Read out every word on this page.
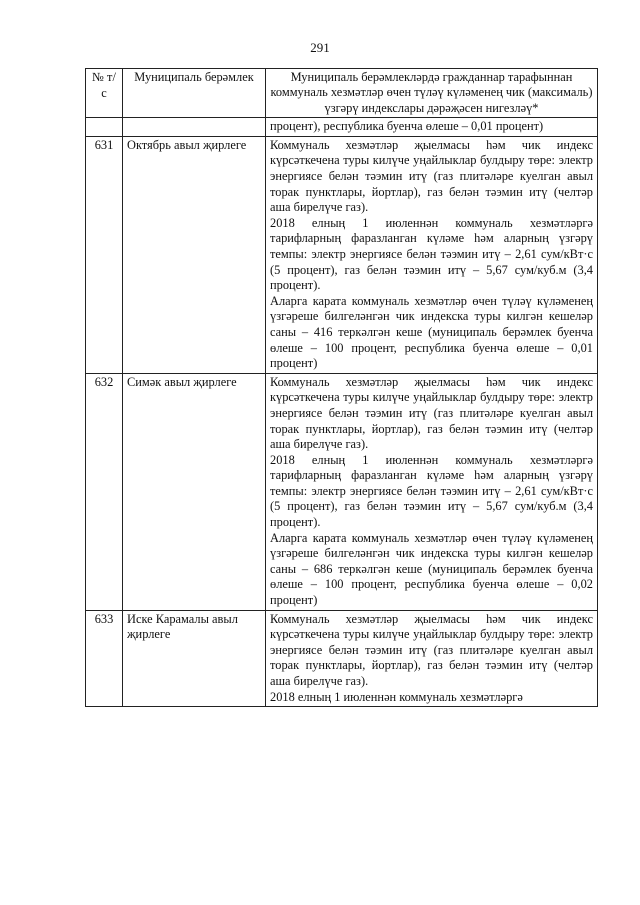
291
№ т/с	Муниципаль берәмлек	Муниципаль берәмлекләрдә гражданнар тарафыннан коммуналь хезмәтләр өчен түләү күләменең чик (максималь) үзгәрү индекслары дәрәҗәсен нигезләү*

		процент), республика буенча өлеше – 0,01 процент)

631	Октябрь авыл җирлеге	Коммуналь хезмәтләр җыелмасы һәм чик индекс күрсәткечена туры килүче уңайлыклар булдыру төре: электр энергиясе белән тәэмин итү (газ плитәләре куелган авыл торак пунктлары, йортлар), газ белән тәэмин итү (челтәр аша бирелүче газ).

2018 елның 1 июленнән коммуналь хезмәтләргә тарифларның фаразланган күләме һәм аларның үзгәрү темпы: электр энергиясе белән тәэмин итү – 2,61 сум/кВт·с (5 процент), газ белән тәэмин итү – 5,67 сум/куб.м (3,4 процент).

Аларга карата коммуналь хезмәтләр өчен түләү күләменең үзгәреше билгеләнгән чик индекска туры килгән кешеләр саны – 416 теркәлгән кеше (муниципаль берәмлек буенча өлеше – 100 процент, республика буенча өлеше – 0,01 процент)

632	Симәк авыл җирлеге	Коммуналь хезмәтләр җыелмасы һәм чик индекс күрсәткечена туры килүче уңайлыклар булдыру төре: электр энергиясе белән тәэмин итү (газ плитәләре куелган авыл торак пунктлары, йортлар), газ белән тәэмин итү (челтәр аша бирелүче газ).

2018 елның 1 июленнән коммуналь хезмәтләргә тарифларның фаразланган күләме һәм аларның үзгәрү темпы: электр энергиясе белән тәэмин итү – 2,61 сум/кВт·с (5 процент), газ белән тәэмин итү – 5,67 сум/куб.м (3,4 процент).

Аларга карата коммуналь хезмәтләр өчен түләү күләменең үзгәреше билгеләнгән чик индекска туры килгән кешеләр саны – 686 теркәлгән кеше (муниципаль берәмлек буенча өлеше – 100 процент, республика буенча өлеше – 0,02 процент)

633	Иске Карамалы авыл җирлеге	Коммуналь хезмәтләр җыелмасы һәм чик индекс күрсәткечена туры килүче уңайлыклар булдыру төре: электр энергиясе белән тәэмин итү (газ плитәләре куелган авыл торак пунктлары, йортлар), газ белән тәэмин итү (челтәр аша бирелүче газ).

2018 елның 1 июленнән коммуналь хезмәтләргә
